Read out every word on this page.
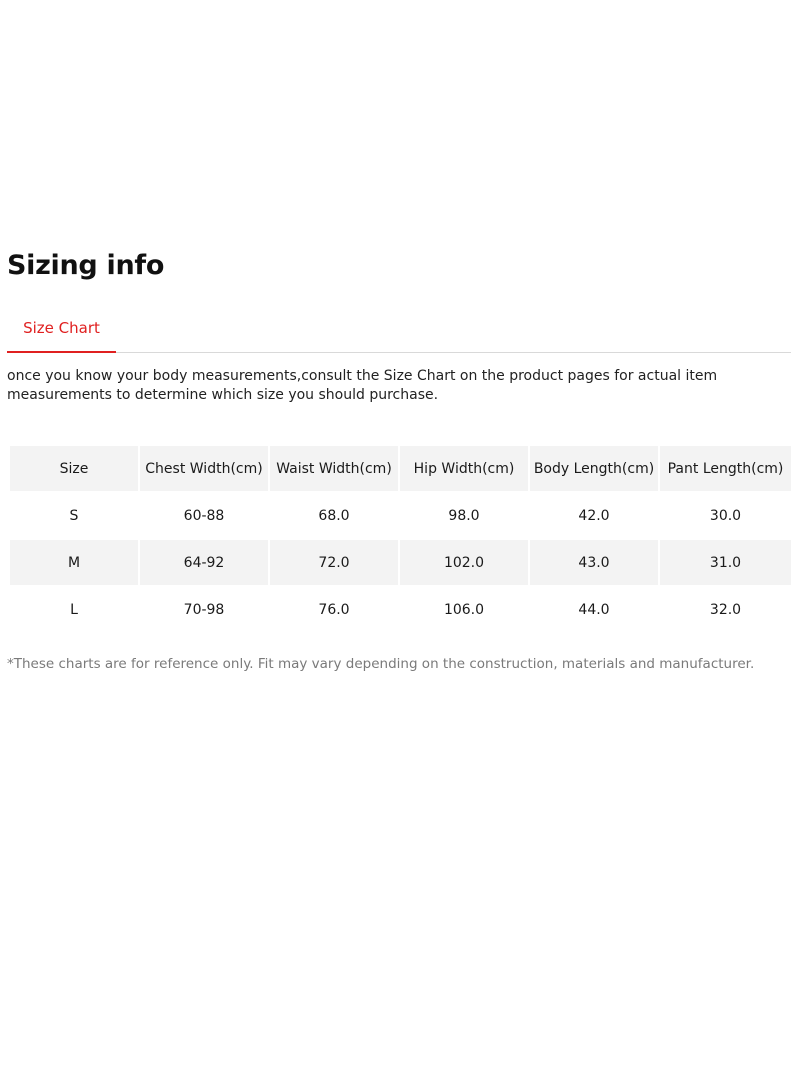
Sizing info
Size Chart

once you know your body measurements,consult the Size Chart on the product pages for actual item measurements to determine which size you should purchase.

Size	Chest Width(cm)	Waist Width(cm)	Hip Width(cm)	Body Length(cm)	Pant Length(cm)
S	60-88	68.0	98.0	42.0	30.0
M	64-92	72.0	102.0	43.0	31.0
L	70-98	76.0	106.0	44.0	32.0

*These charts are for reference only. Fit may vary depending on the construction, materials and manufacturer.
